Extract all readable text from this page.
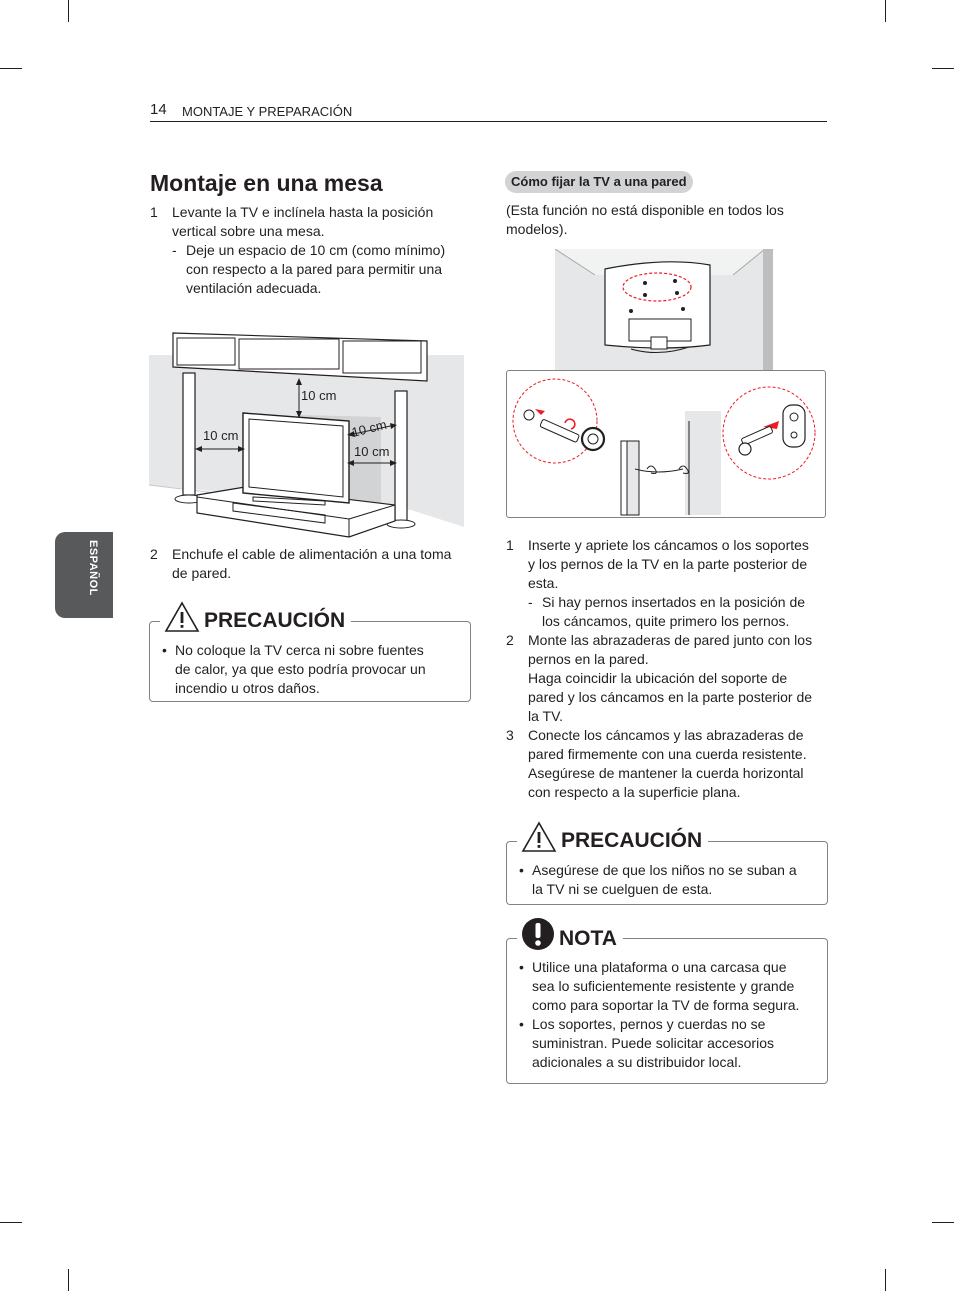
14 MONTAJE Y PREPARACIÓN
ESPAÑOL
Montaje en una mesa
1 Levante la TV e inclínela hasta la posición
vertical sobre una mesa.
- Deje un espacio de 10 cm (como mínimo)
con respecto a la pared para permitir una
ventilación adecuada.
10 cm
10 cm	10 cm
10 cm
2 Enchufe el cable de alimentación a una toma
de pared.
• No coloque la TV cerca ni sobre fuentes
de calor, ya que esto podría provocar un
incendio u otros daños.
PRECAUCIÓN
Cómo fijar la TV a una pared
(Esta función no está disponible en todos los
modelos).
1 Inserte y apriete los cáncamos o los soportes
y los pernos de la TV en la parte posterior de
esta.
- Si hay pernos insertados en la posición de
los cáncamos, quite primero los pernos.
2 Monte las abrazaderas de pared junto con los
pernos en la pared.
Haga coincidir la ubicación del soporte de
pared y los cáncamos en la parte posterior de
la TV.
3 Conecte los cáncamos y las abrazaderas de
pared firmemente con una cuerda resistente.
Asegúrese de mantener la cuerda horizontal
con respecto a la superficie plana.
• Asegúrese de que los niños no se suban a
la TV ni se cuelguen de esta.
PRECAUCIÓN
• Utilice una plataforma o una carcasa que
sea lo suficientemente resistente y grande
como para soportar la TV de forma segura.
• Los soportes, pernos y cuerdas no se
suministran. Puede solicitar accesorios
adicionales a su distribuidor local.
NOTA
